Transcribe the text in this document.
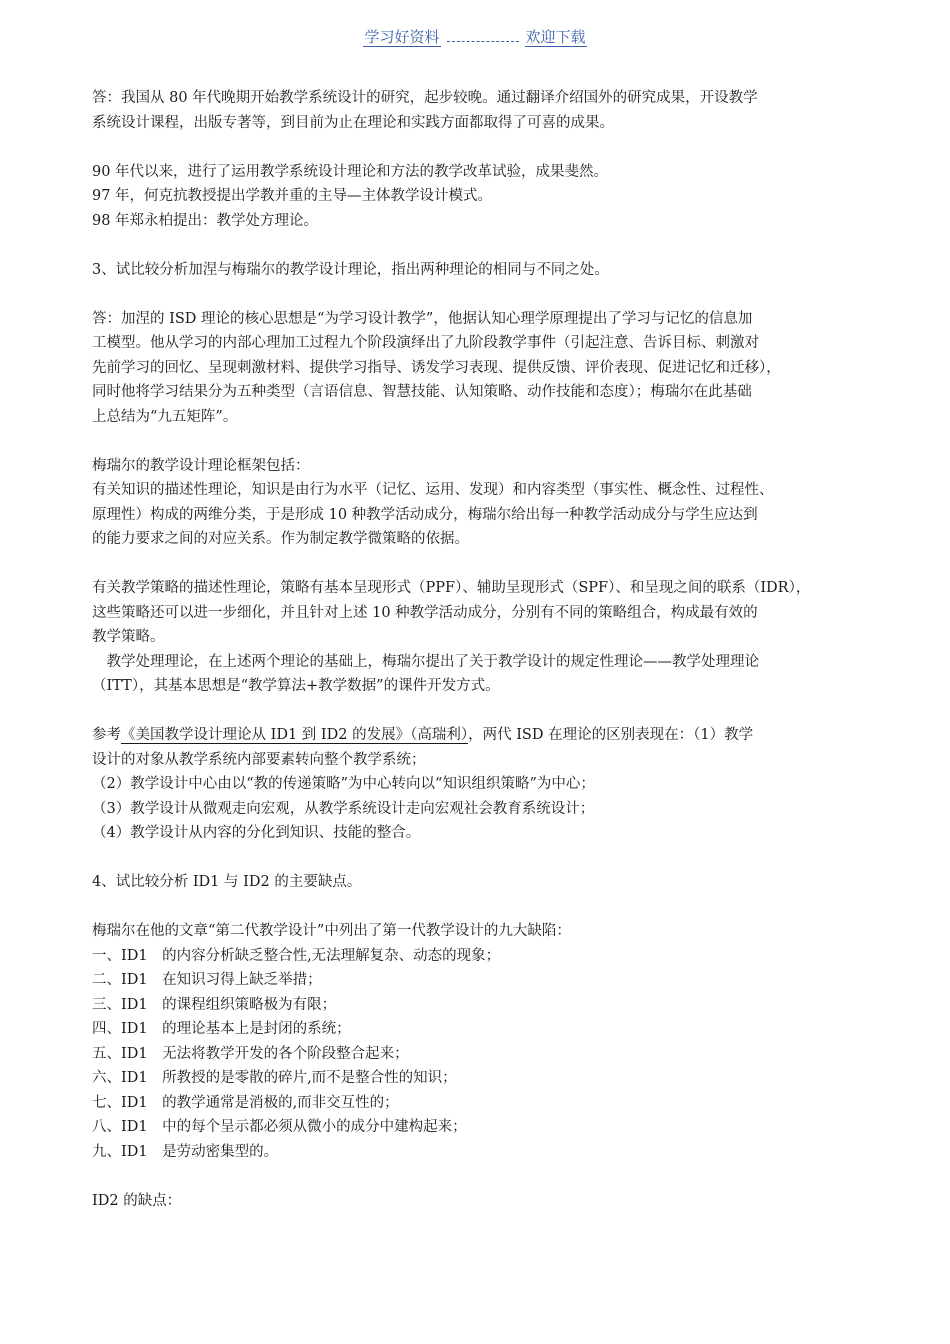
学习好资料	欢迎下载

答：我国从 80 年代晚期开始教学系统设计的研究，起步较晚。通过翻译介绍国外的研究成果，开设教学

系统设计课程，出版专著等，到目前为止在理论和实践方面都取得了可喜的成果。

90 年代以来，进行了运用教学系统设计理论和方法的教学改革试验，成果斐然。

97 年，何克抗教授提出学教并重的主导—主体教学设计模式。

98 年郑永柏提出：教学处方理论。

3、试比较分析加涅与梅瑞尔的教学设计理论，指出两种理论的相同与不同之处。

答：加涅的 ISD 理论的核心思想是“为学习设计教学”，他据认知心理学原理提出了学习与记忆的信息加

工模型。他从学习的内部心理加工过程九个阶段演绎出了九阶段教学事件（引起注意、告诉目标、刺激对

先前学习的回忆、呈现刺激材料、提供学习指导、诱发学习表现、提供反馈、评价表现、促进记忆和迁移），

同时他将学习结果分为五种类型（言语信息、智慧技能、认知策略、动作技能和态度）；梅瑞尔在此基础

上总结为“九五矩阵”。

梅瑞尔的教学设计理论框架包括：

有关知识的描述性理论，知识是由行为水平（记忆、运用、发现）和内容类型（事实性、概念性、过程性、

原理性）构成的两维分类，于是形成 10 种教学活动成分，梅瑞尔给出每一种教学活动成分与学生应达到

的能力要求之间的对应关系。作为制定教学微策略的依据。

有关教学策略的描述性理论，策略有基本呈现形式（PPF）、辅助呈现形式（SPF）、和呈现之间的联系（IDR），

这些策略还可以进一步细化，并且针对上述 10 种教学活动成分，分别有不同的策略组合，构成最有效的

教学策略。

　教学处理理论，在上述两个理论的基础上，梅瑞尔提出了关于教学设计的规定性理论——教学处理理论

（ITT），其基本思想是“教学算法+教学数据”的课件开发方式。

参考《美国教学设计理论从 ID1 到 ID2 的发展》（高瑞利），两代 ISD 在理论的区别表现在：（1）教学

设计的对象从教学系统内部要素转向整个教学系统；

（2）教学设计中心由以“教的传递策略”为中心转向以“知识组织策略”为中心；

（3）教学设计从微观走向宏观，从教学系统设计走向宏观社会教育系统设计；

（4）教学设计从内容的分化到知识、技能的整合。

4、试比较分析 ID1 与 ID2 的主要缺点。

梅瑞尔在他的文章“第二代教学设计”中列出了第一代教学设计的九大缺陷：

一、ID1　的内容分析缺乏整合性,无法理解复杂、动态的现象；

二、ID1　在知识习得上缺乏举措；

三、ID1　的课程组织策略极为有限；

四、ID1　的理论基本上是封闭的系统；

五、ID1　无法将教学开发的各个阶段整合起来；

六、ID1　所教授的是零散的碎片,而不是整合性的知识；

七、ID1　的教学通常是消极的,而非交互性的；

八、ID1　中的每个呈示都必须从微小的成分中建构起来；

九、ID1　是劳动密集型的。

ID2 的缺点：
